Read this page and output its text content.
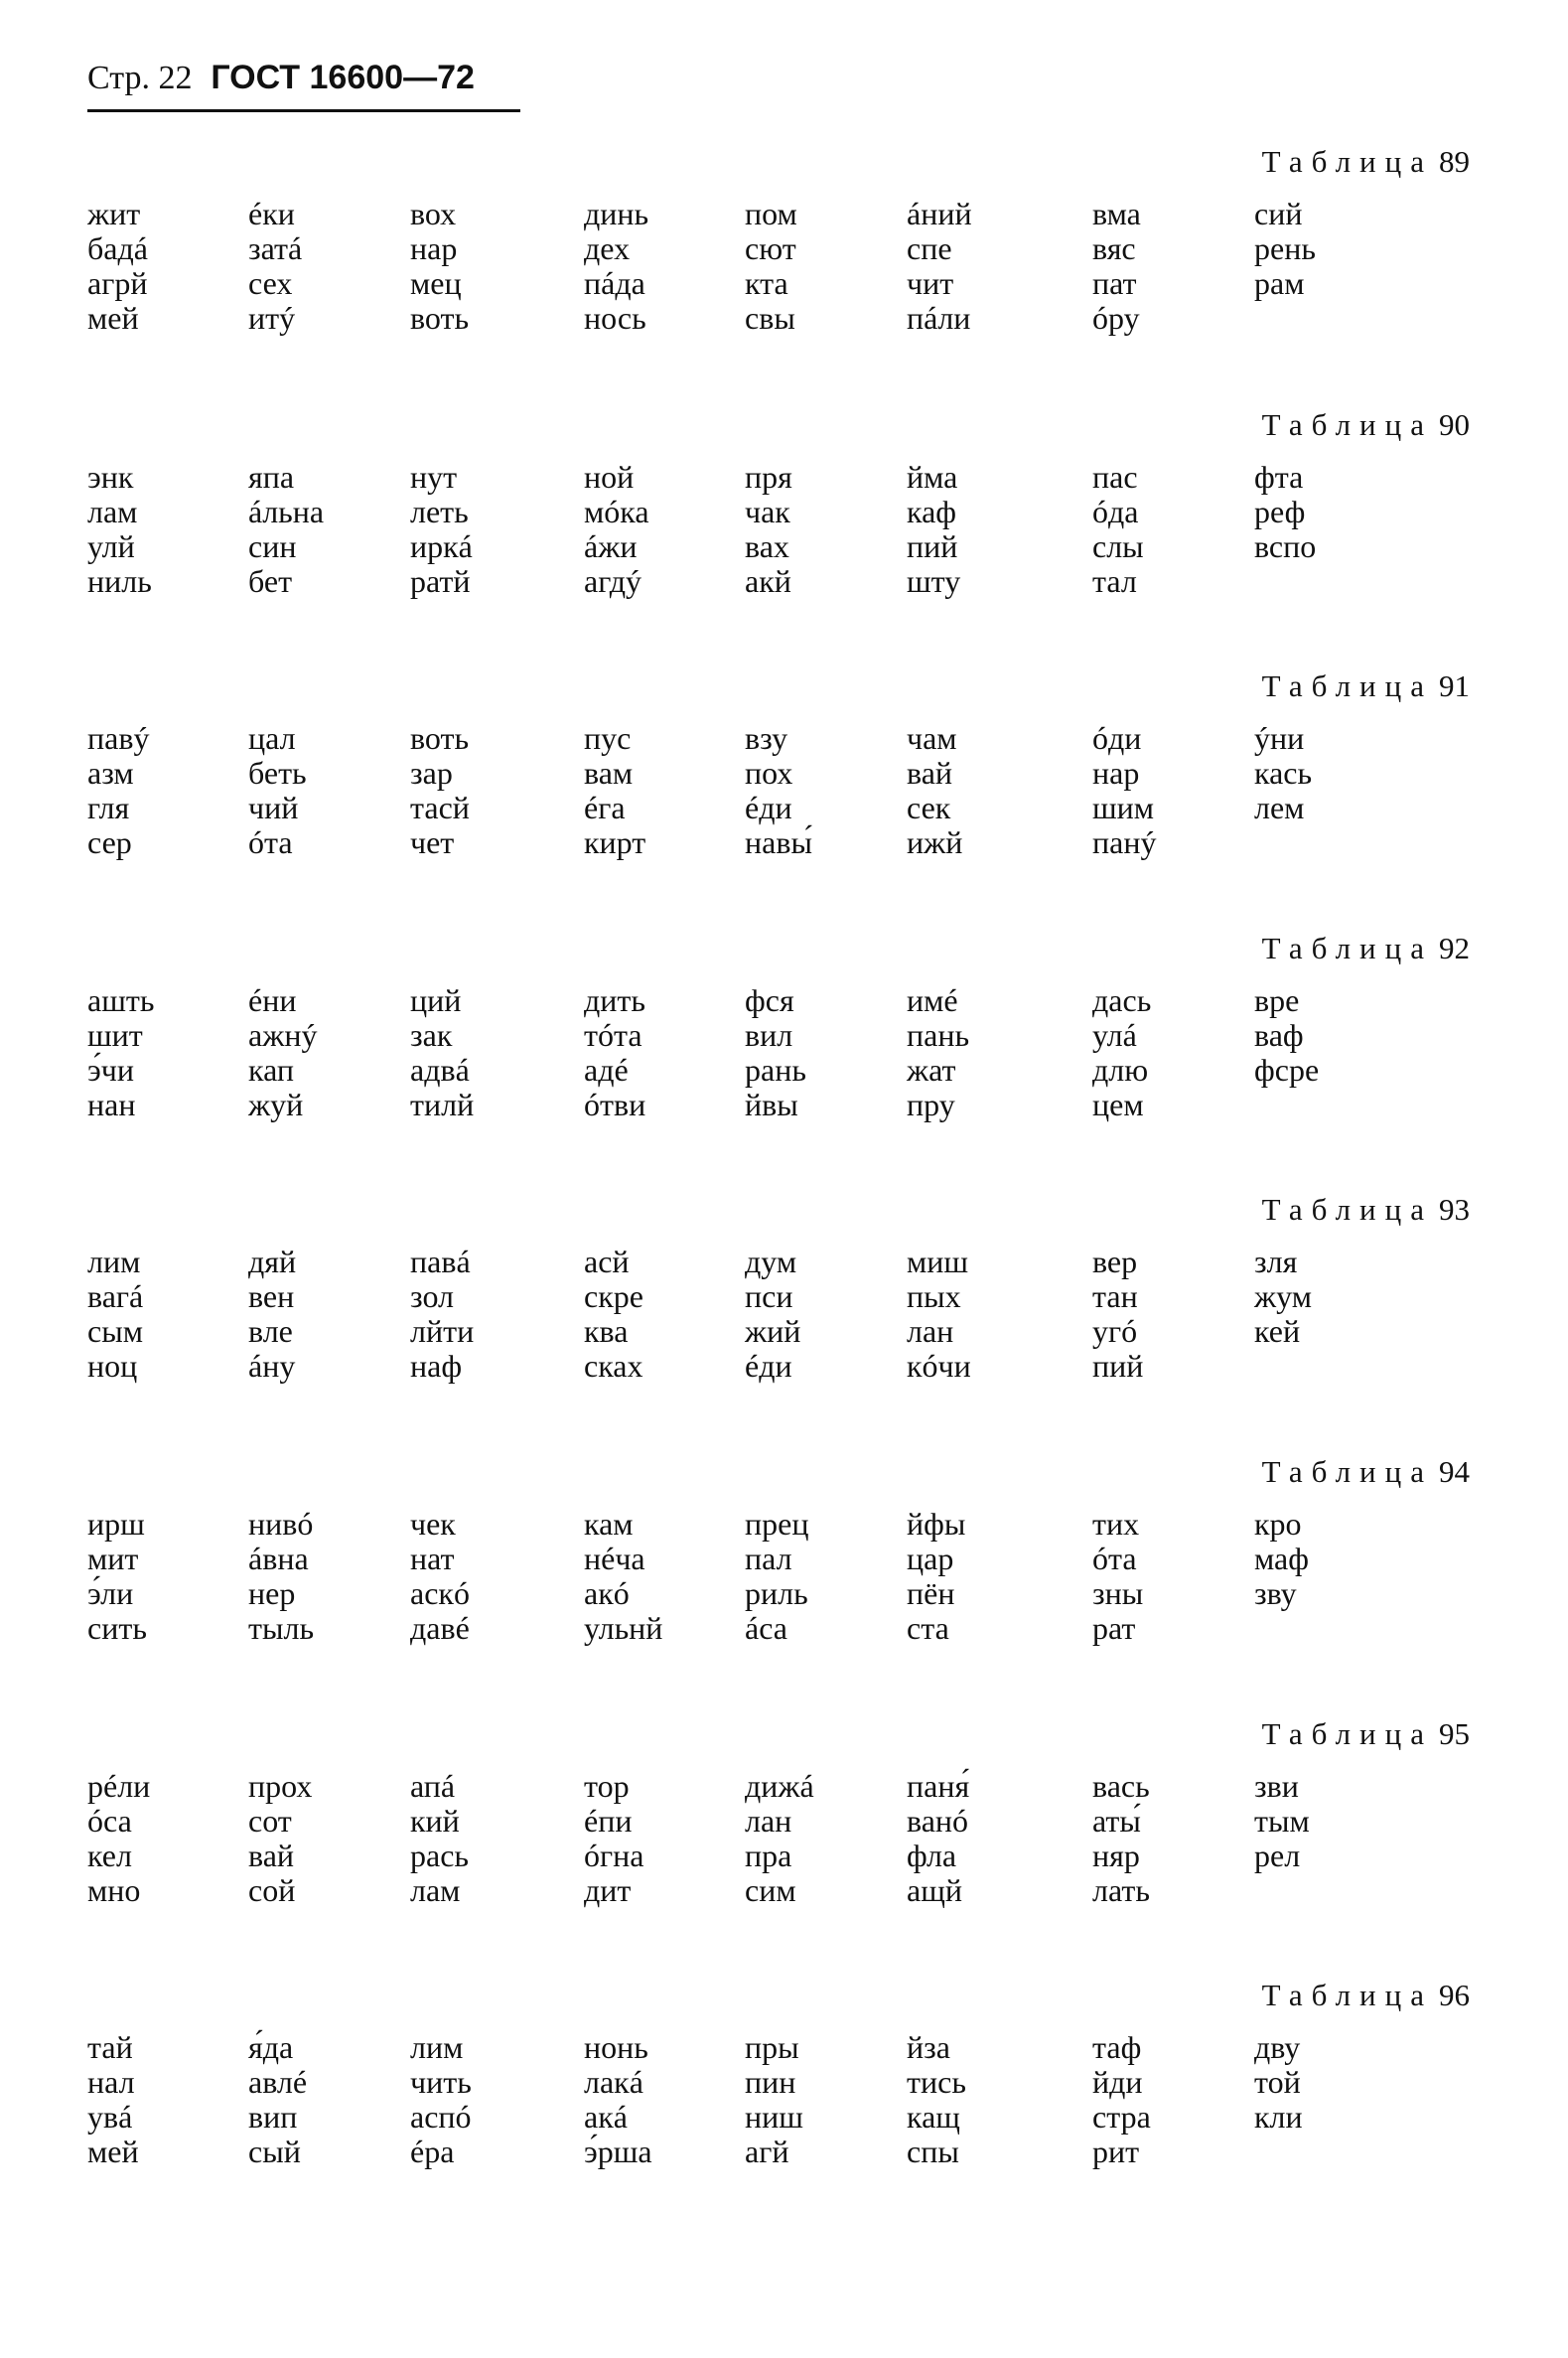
Стр. 22 ГОСТ 16600—72
Таблица 89
жит
бадá
агрй
мей
éки
затá
сех
итý
вох
нар
мец
воть
динь
дех
пáда
нось
пом
сют
кта
свы
áний
спе
чит
пáли
вма
вяс
пат
óру
сий
рень
рам
Таблица 90
энк
лам
улй
ниль
япа
áльна
син
бет
нут
леть
иркá
ратй
ной
мóка
áжи
агдý
пря
чак
вах
акй
йма
каф
пий
шту
пас
óда
слы
тал
фта
реф
вспо
Таблица 91
павý
азм
гля
сер
цал
беть
чий
óта
воть
зар
тасй
чет
пус
вам
éга
кирт
взу
пох
éди
навы́
чам
вай
сек
ижй
óди
нар
шим
панý
ýни
кась
лем
Таблица 92
ашть
шит
э́чи
нан
éни
ажнý
кап
жуй
ций
зак
адвá
тилй
дить
тóта
адé
óтви
фся
вил
рань
йвы
имé
пань
жат
пру
дась
улá
длю
цем
вре
ваф
фсре
Таблица 93
лим
вагá
сым
ноц
дяй
вен
вле
áну
павá
зол
лйти
наф
асй
скре
ква
сках
дум
пси
жий
éди
миш
пых
лан
кóчи
вер
тан
угó
пий
зля
жум
кей
Таблица 94
ирш
мит
э́ли
сить
нивó
áвна
нер
тыль
чек
нат
аскó
давé
кам
нéча
акó
ульнй
прец
пал
риль
áса
йфы
цар
пён
ста
тих
óта
зны
рат
кро
маф
зву
Таблица 95
рéли
óса
кел
мно
прох
сот
вай
сой
апá
кий
рась
лам
тор
éпи
óгна
дит
дижá
лан
пра
сим
паня́
ванó
фла
ащй
вась
аты́
няр
лать
зви
тым
рел
Таблица 96
тай
нал
увá
мей
я́да
авлé
вип
сый
лим
чить
аспó
éра
нонь
лакá
акá
э́рша
пры
пин
ниш
агй
йза
тись
кащ
спы
таф
йди
стра
рит
дву
той
кли
